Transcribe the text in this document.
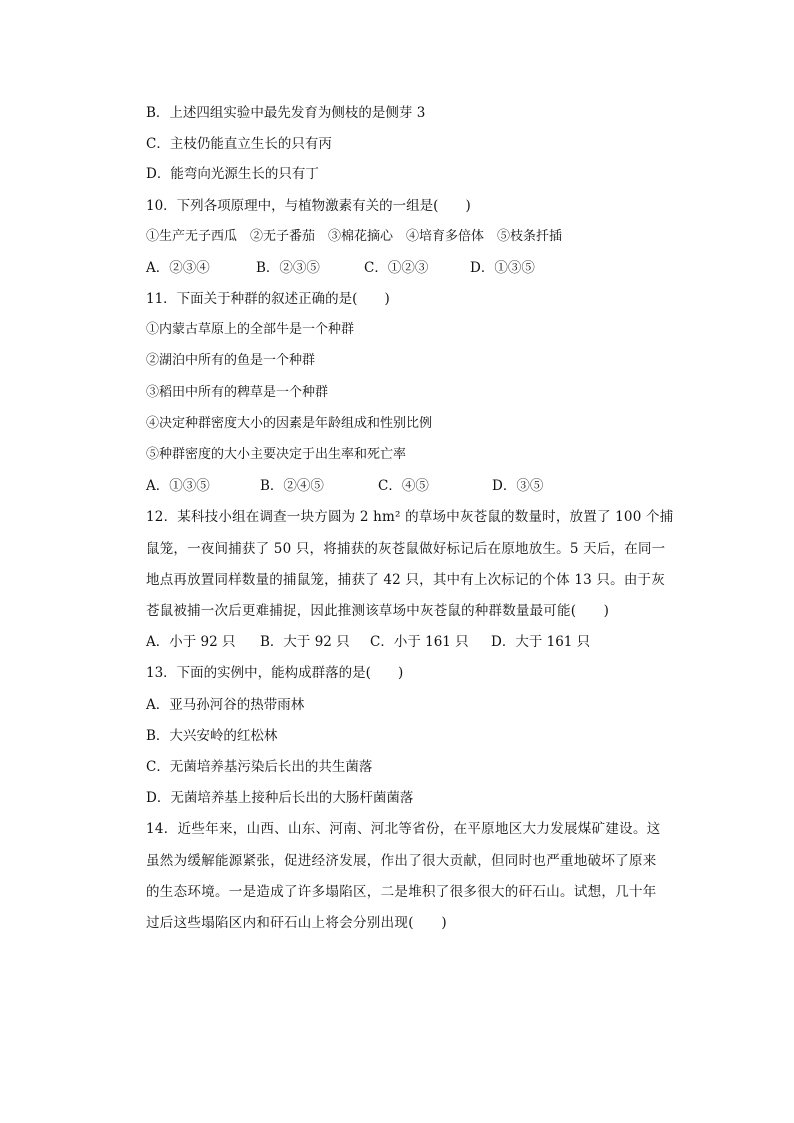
B．上述四组实验中最先发育为侧枝的是侧芽 3
C．主枝仍能直立生长的只有丙
D．能弯向光源生长的只有丁
10．下列各项原理中，与植物激素有关的一组是(　　)
①生产无子西瓜　②无子番茄　③棉花摘心　④培育多倍体　⑤枝条扦插
A．②③④	B．②③⑤	C．①②③	D．①③⑤
11．下面关于种群的叙述正确的是(　　)
①内蒙古草原上的全部牛是一个种群
②湖泊中所有的鱼是一个种群
③稻田中所有的稗草是一个种群
④决定种群密度大小的因素是年龄组成和性别比例
⑤种群密度的大小主要决定于出生率和死亡率
A．①③⑤	B．②④⑤	C．④⑤	D．③⑤
12．某科技小组在调查一块方圆为 2 hm² 的草场中灰苍鼠的数量时，放置了 100 个捕
鼠笼，一夜间捕获了 50 只，将捕获的灰苍鼠做好标记后在原地放生。5 天后，在同一
地点再放置同样数量的捕鼠笼，捕获了 42 只，其中有上次标记的个体 13 只。由于灰
苍鼠被捕一次后更难捕捉，因此推测该草场中灰苍鼠的种群数量最可能(　　)
A．小于 92 只 B．大于 92 只 C．小于 161 只 D．大于 161 只
13．下面的实例中，能构成群落的是(　　)
A．亚马孙河谷的热带雨林
B．大兴安岭的红松林
C．无菌培养基污染后长出的共生菌落
D．无菌培养基上接种后长出的大肠杆菌菌落
14．近些年来，山西、山东、河南、河北等省份，在平原地区大力发展煤矿建设。这
虽然为缓解能源紧张，促进经济发展，作出了很大贡献，但同时也严重地破坏了原来
的生态环境。一是造成了许多塌陷区，二是堆积了很多很大的矸石山。试想，几十年
过后这些塌陷区内和矸石山上将会分别出现(　　)
